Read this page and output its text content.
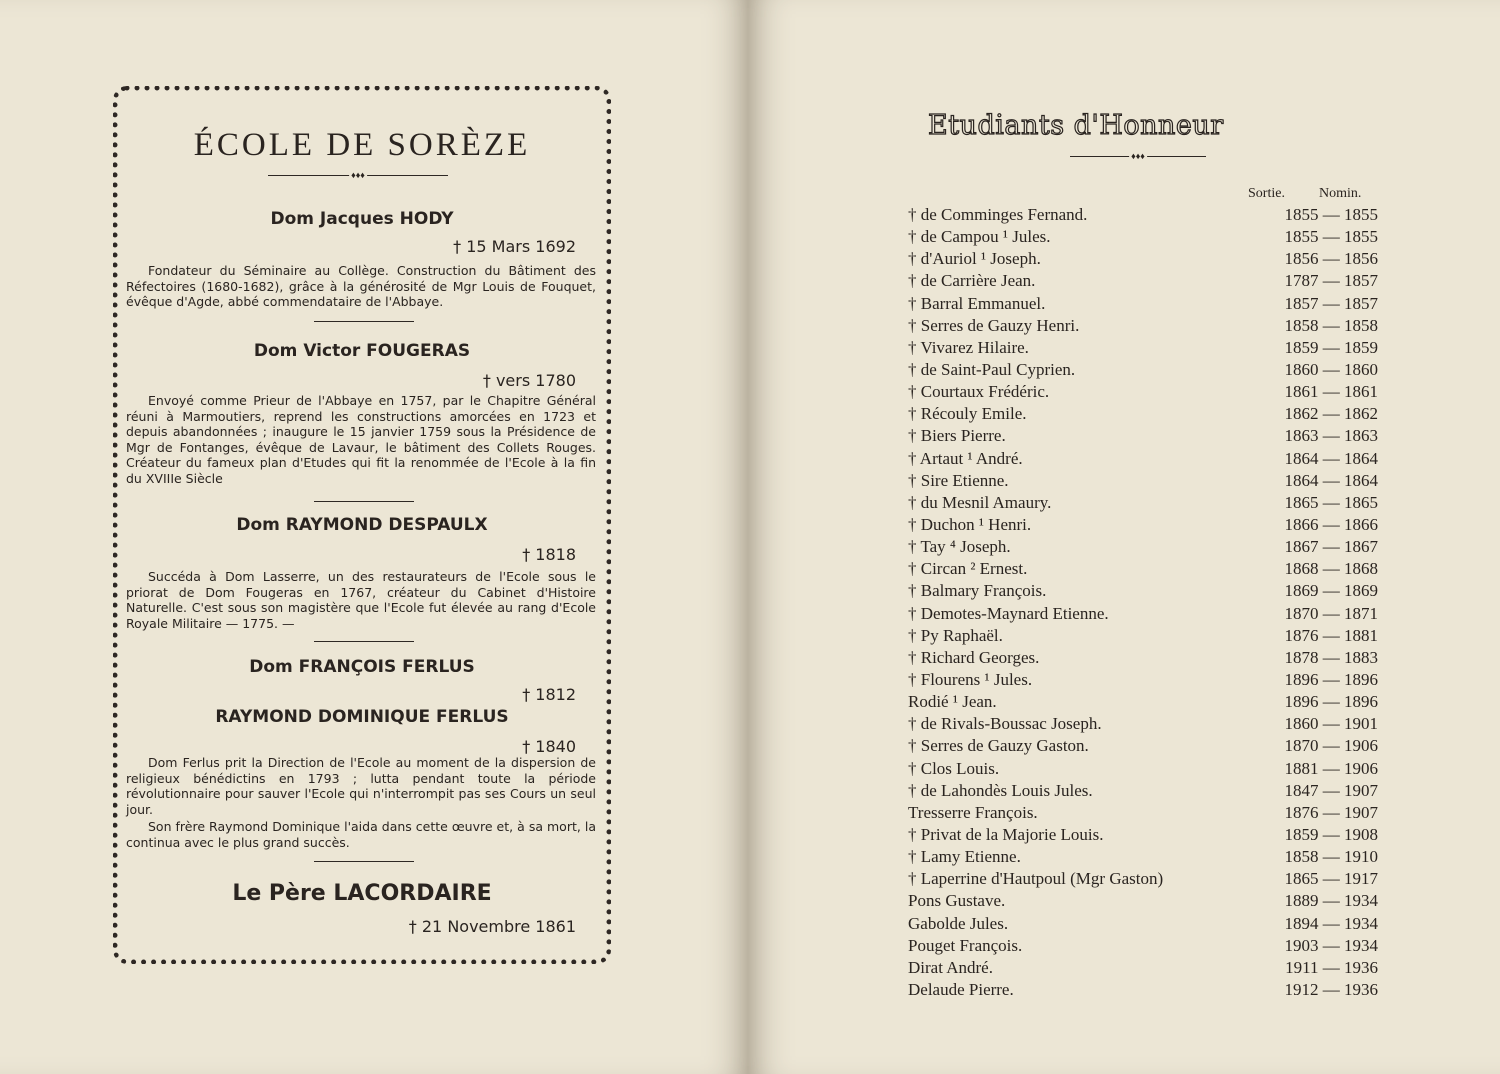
ÉCOLE DE SORÈZE
♦♦♦
Dom Jacques HODY
† 15 Mars 1692

Fondateur du Séminaire au Collège. Construction du Bâtiment des Réfectoires (1680-1682), grâce à la générosité de Mgr Louis de Fouquet, évêque d'Agde, abbé commendataire de l'Abbaye.

Dom Victor FOUGERAS
† vers 1780

Envoyé comme Prieur de l'Abbaye en 1757, par le Chapitre Général réuni à Marmoutiers, reprend les constructions amorcées en 1723 et depuis abandonnées ; inaugure le 15 janvier 1759 sous la Présidence de Mgr de Fontanges, évêque de Lavaur, le bâtiment des Collets Rouges. Créateur du fameux plan d'Etudes qui fit la renommée de l'Ecole à la fin du XVIIIe Siècle

Dom RAYMOND DESPAULX
† 1818

Succéda à Dom Lasserre, un des restaurateurs de l'Ecole sous le priorat de Dom Fougeras en 1767, créateur du Cabinet d'Histoire Naturelle. C'est sous son magistère que l'Ecole fut élevée au rang d'Ecole Royale Militaire — 1775. —

Dom FRANÇOIS FERLUS
† 1812
RAYMOND DOMINIQUE FERLUS
† 1840

Dom Ferlus prit la Direction de l'Ecole au moment de la dispersion de religieux bénédictins en 1793 ; lutta pendant toute la période révolutionnaire pour sauver l'Ecole qui n'interrompit pas ses Cours un seul jour.

Son frère Raymond Dominique l'aida dans cette œuvre et, à sa mort, la continua avec le plus grand succès.

Le Père LACORDAIRE
† 21 Novembre 1861
Etudiants d'Honneur
♦♦♦
Sortie. Nomin.
† de Comminges Fernand.	1855 — 1855
† de Campou ¹ Jules.	1855 — 1855
† d'Auriol ¹ Joseph.	1856 — 1856
† de Carrière Jean.	1787 — 1857
† Barral Emmanuel.	1857 — 1857
† Serres de Gauzy Henri.	1858 — 1858
† Vivarez Hilaire.	1859 — 1859
† de Saint-Paul Cyprien.	1860 — 1860
† Courtaux Frédéric.	1861 — 1861
† Récouly Emile.	1862 — 1862
† Biers Pierre.	1863 — 1863
† Artaut ¹ André.	1864 — 1864
† Sire Etienne.	1864 — 1864
† du Mesnil Amaury.	1865 — 1865
† Duchon ¹ Henri.	1866 — 1866
† Tay ⁴ Joseph.	1867 — 1867
† Circan ² Ernest.	1868 — 1868
† Balmary François.	1869 — 1869
† Demotes-Maynard Etienne.	1870 — 1871
† Py Raphaël.	1876 — 1881
† Richard Georges.	1878 — 1883
† Flourens ¹ Jules.	1896 — 1896
Rodié ¹ Jean.	1896 — 1896
† de Rivals-Boussac Joseph.	1860 — 1901
† Serres de Gauzy Gaston.	1870 — 1906
† Clos Louis.	1881 — 1906
† de Lahondès Louis Jules.	1847 — 1907
Tresserre François.	1876 — 1907
† Privat de la Majorie Louis.	1859 — 1908
† Lamy Etienne.	1858 — 1910
† Laperrine d'Hautpoul (Mgr Gaston)	1865 — 1917
Pons Gustave.	1889 — 1934
Gabolde Jules.	1894 — 1934
Pouget François.	1903 — 1934
Dirat André.	1911 — 1936
Delaude Pierre.	1912 — 1936
